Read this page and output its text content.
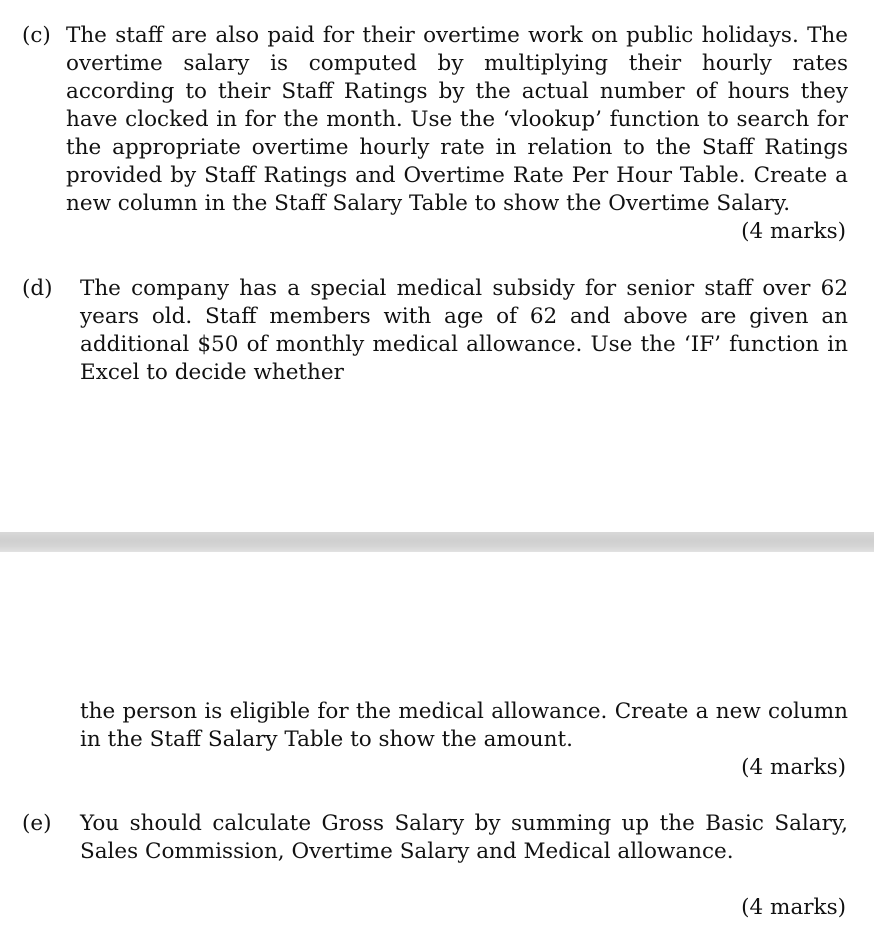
(c) The staff are also paid for their overtime work on public holidays. The overtime salary is computed by multiplying their hourly rates according to their Staff Ratings by the actual number of hours they have clocked in for the month. Use the ‘vlookup’ function to search for the appropriate overtime hourly rate in relation to the Staff Ratings provided by Staff Ratings and Overtime Rate Per Hour Table. Create a new column in the Staff Salary Table to show the Overtime Salary.
(4 marks)
(d) The company has a special medical subsidy for senior staff over 62 years old. Staff members with age of 62 and above are given an additional $50 of monthly medical allowance. Use the ‘IF’ function in Excel to decide whether
the person is eligible for the medical allowance. Create a new column in the Staff Salary Table to show the amount.
(4 marks)
(e) You should calculate Gross Salary by summing up the Basic Salary, Sales Commission, Overtime Salary and Medical allowance.
(4 marks)
